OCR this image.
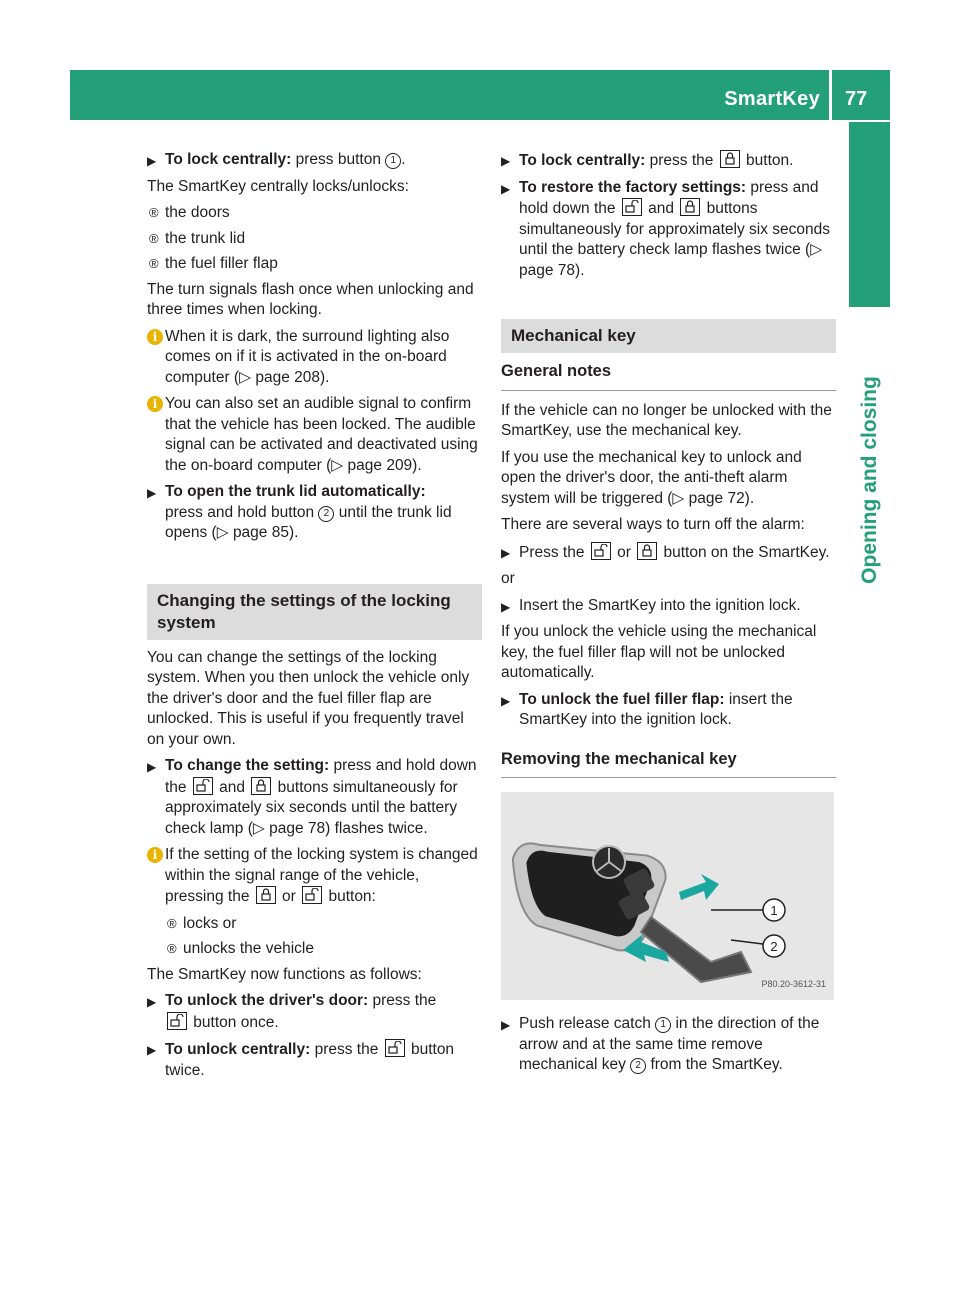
SmartKey 77
Opening and closing
▶ To lock centrally: press button 1 .

The SmartKey centrally locks/unlocks:

® the doors
® the trunk lid
® the fuel filler flap

The turn signals flash once when unlocking and three times when locking.

i When it is dark, the surround lighting also comes on if it is activated in the on-board computer (▷ page 208).
i You can also set an audible signal to confirm that the vehicle has been locked. The audible signal can be activated and deactivated using the on-board computer (▷ page 209).
▶ To open the trunk lid automatically:
press and hold button 2 until the trunk lid opens (▷ page 85).
Changing the settings of the locking system

You can change the settings of the locking system. When you then unlock the vehicle only the driver's door and the fuel filler flap are unlocked. This is useful if you frequently travel on your own.

▶ To change the setting: press and hold down the
and
buttons simultaneously for approximately six seconds until the battery check lamp (▷ page 78) flashes twice.
i If the setting of the locking system is changed within the signal range of the vehicle, pressing the
or
button:
® locks or
® unlocks the vehicle

The SmartKey now functions as follows:

▶ To unlock the driver's door: press the

button once.
▶ To unlock centrally: press the
button twice.
▶ To lock centrally: press the
button.
▶ To restore the factory settings: press and hold down the
and
buttons simultaneously for approximately six seconds until the battery check lamp flashes twice (▷ page 78).
Mechanical key
General notes

If the vehicle can no longer be unlocked with the SmartKey, use the mechanical key.

If you use the mechanical key to unlock and open the driver's door, the anti-theft alarm system will be triggered (▷ page 72).

There are several ways to turn off the alarm:

▶ Press the
or
button on the SmartKey.

or

▶ Insert the SmartKey into the ignition lock.

If you unlock the vehicle using the mechanical key, the fuel filler flap will not be unlocked automatically.

▶ To unlock the fuel filler flap: insert the SmartKey into the ignition lock.
Removing the mechanical key
1
2
P80.20-3612-31
▶ Push release catch 1 in the direction of the arrow and at the same time remove mechanical key 2 from the SmartKey.
